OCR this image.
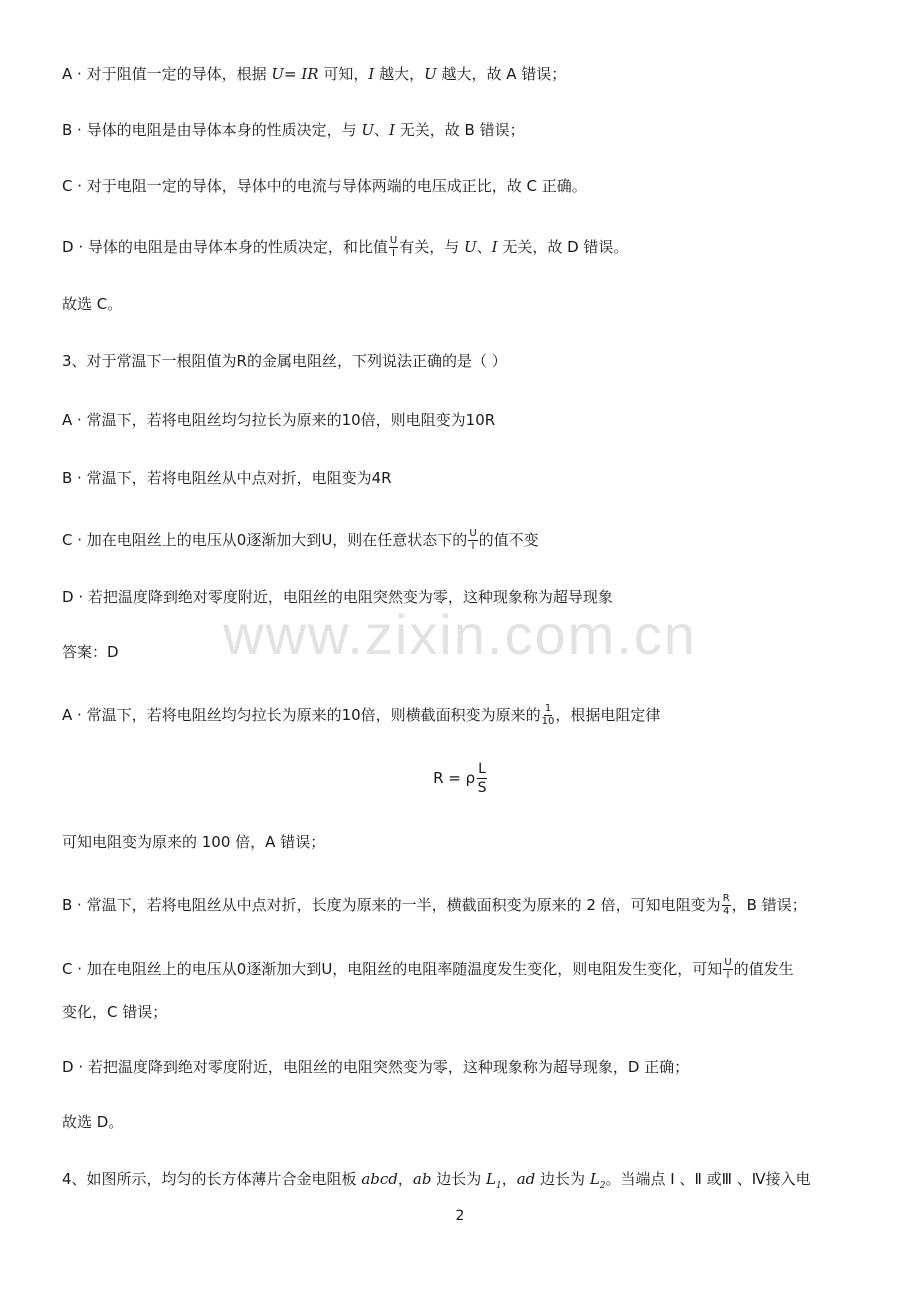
www.zixin.com.cn
A · 对于阻值一定的导体，根据 U= IR 可知，I 越大，U 越大，故 A 错误；
B · 导体的电阻是由导体本身的性质决定，与 U、I 无关，故 B 错误；
C · 对于电阻一定的导体，导体中的电流与导体两端的电压成正比，故 C 正确。
D · 导体的电阻是由导体本身的性质决定，和比值 $\frac{U}{I}$ 有关，与 U、I 无关，故 D 错误。
故选 C。
3、对于常温下一根阻值为R的金属电阻丝，下列说法正确的是（ ）
A · 常温下，若将电阻丝均匀拉长为原来的10倍，则电阻变为10R
B · 常温下，若将电阻丝从中点对折，电阻变为4R
C · 加在电阻丝上的电压从0逐渐加大到U，则在任意状态下的 $\frac{U}{I}$ 的值不变
D · 若把温度降到绝对零度附近，电阻丝的电阻突然变为零，这种现象称为超导现象
答案：D
A · 常温下，若将电阻丝均匀拉长为原来的10倍，则横截面积变为原来的 $\frac{1}{10}$ ，根据电阻定律
R = ρ $\frac{L}{S}$
可知电阻变为原来的 100 倍，A 错误；
B · 常温下，若将电阻丝从中点对折，长度为原来的一半，横截面积变为原来的 2 倍，可知电阻变为 $\frac{R}{4}$ ，B 错误；
C · 加在电阻丝上的电压从0逐渐加大到U，电阻丝的电阻率随温度发生变化，则电阻发生变化，可知 $\frac{U}{I}$ 的值发生
变化，C 错误；
D · 若把温度降到绝对零度附近，电阻丝的电阻突然变为零，这种现象称为超导现象，D 正确；
故选 D。
4、如图所示，均匀的长方体薄片合金电阻板 abcd，ab 边长为 $L_1$，ad 边长为 $L_2$。当端点 Ⅰ 、Ⅱ 或Ⅲ 、Ⅳ接入电
2
